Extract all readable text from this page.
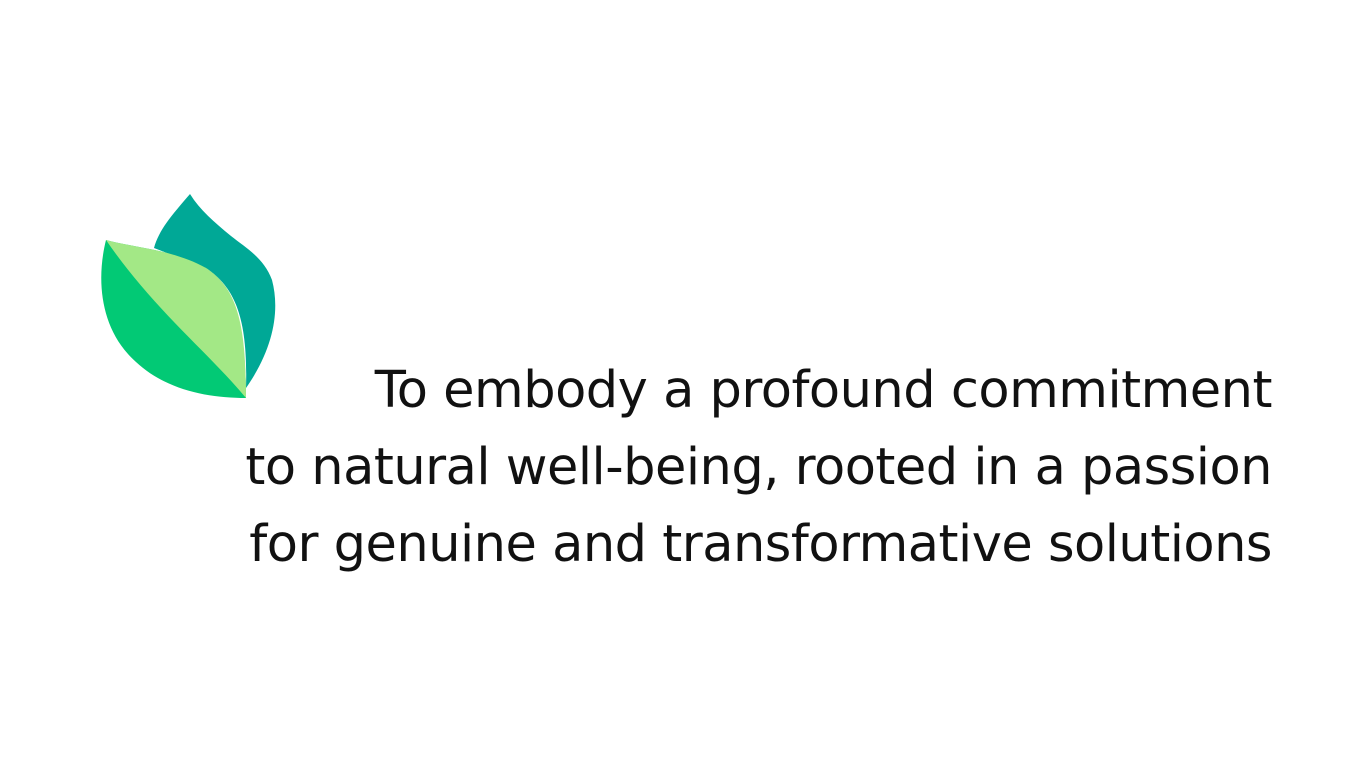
To embody a profound commitment
to natural well-being, rooted in a passion
for genuine and transformative solutions
